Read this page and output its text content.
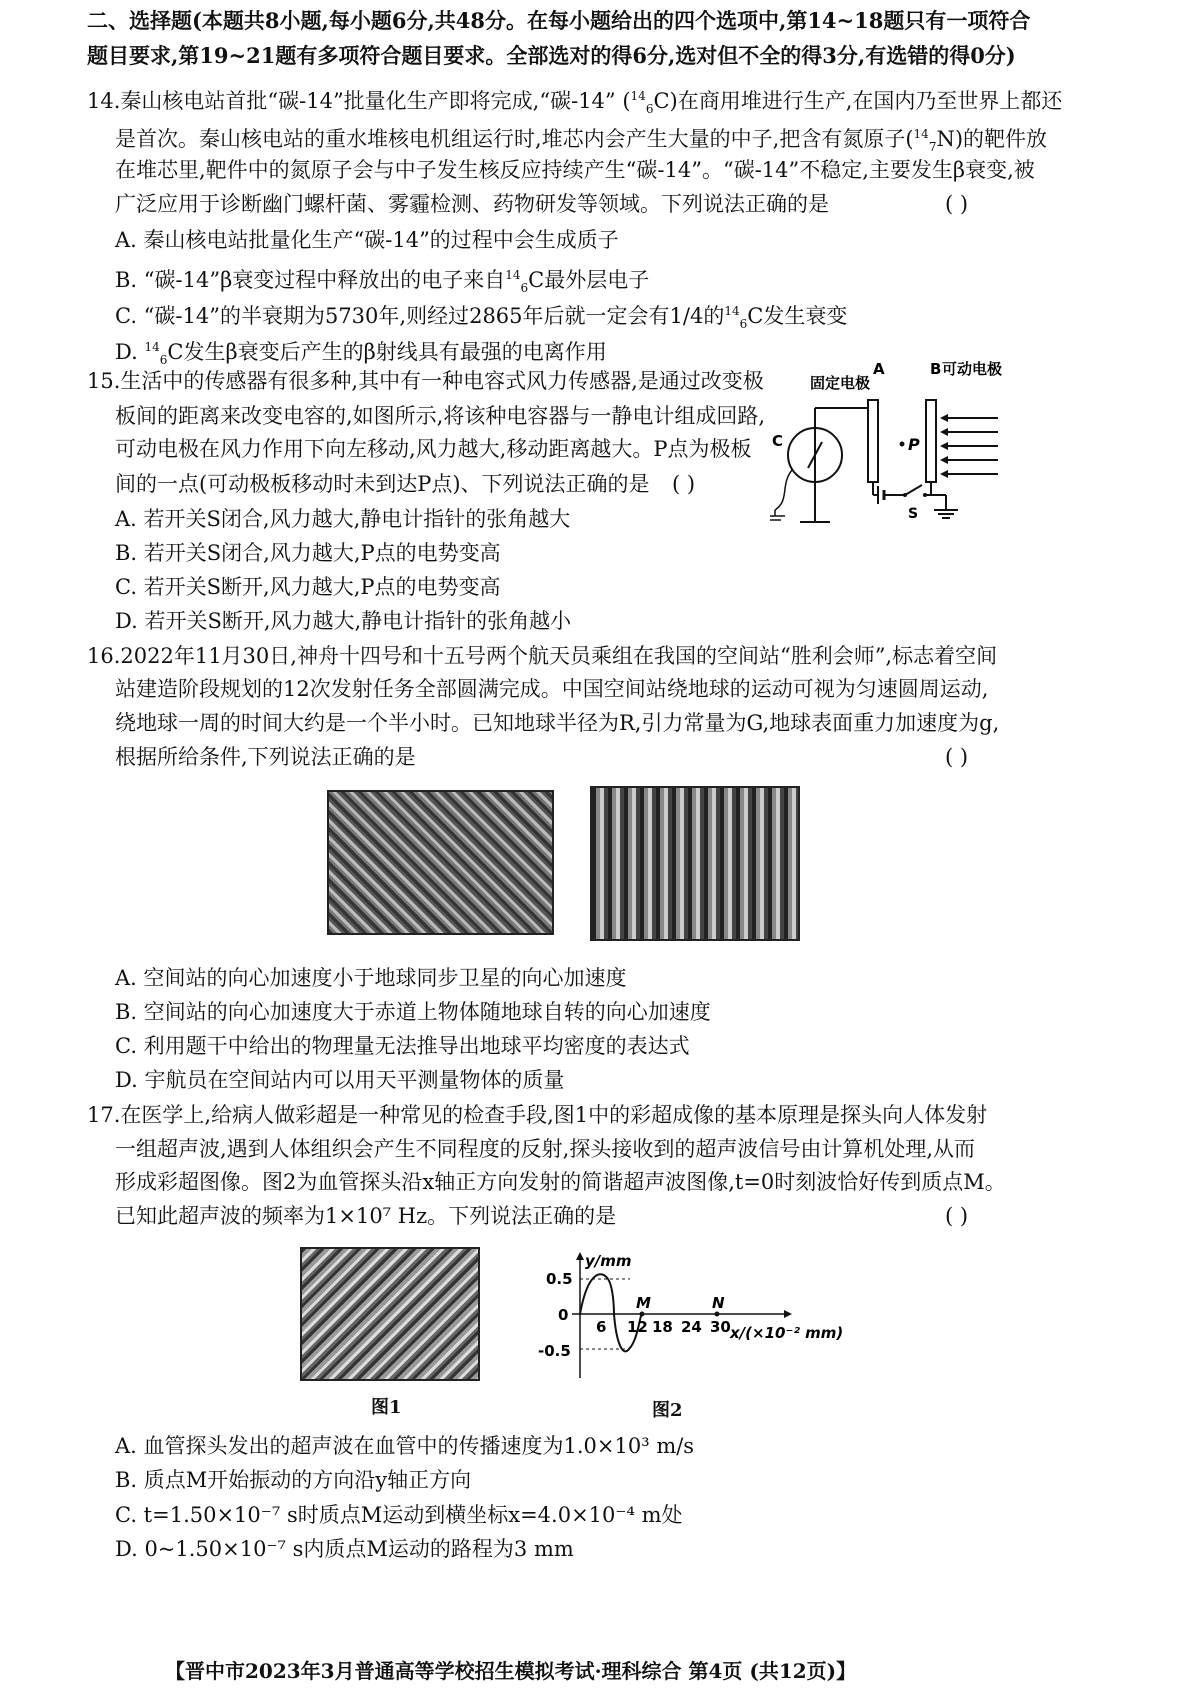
二、选择题(本题共8小题,每小题6分,共48分。在每小题给出的四个选项中,第14~18题只有一项符合
题目要求,第19~21题有多项符合题目要求。全部选对的得6分,选对但不全的得3分,有选错的得0分)
14.秦山核电站首批“碳-14”批量化生产即将完成,“碳-14” ($^{14}_6$C)在商用堆进行生产,在国内乃至世界上都还
是首次。秦山核电站的重水堆核电机组运行时,堆芯内会产生大量的中子,把含有氮原子($^{14}_7$N)的靶件放
在堆芯里,靶件中的氮原子会与中子发生核反应持续产生“碳-14”。“碳-14”不稳定,主要发生β衰变,被
广泛应用于诊断幽门螺杆菌、雾霾检测、药物研发等领域。下列说法正确的是	( )
A. 秦山核电站批量化生产“碳-14”的过程中会生成质子
B. “碳-14”β衰变过程中释放出的电子来自$^{14}_6$C最外层电子
C. “碳-14”的半衰期为5730年,则经过2865年后就一定会有1/4的$^{14}_6$C发生衰变
D. $^{14}_6$C发生β衰变后产生的β射线具有最强的电离作用
15.生活中的传感器有很多种,其中有一种电容式风力传感器,是通过改变极
板间的距离来改变电容的,如图所示,将该种电容器与一静电计组成回路,
可动电极在风力作用下向左移动,风力越大,移动距离越大。P点为极板
间的一点(可动极板移动时未到达P点)、下列说法正确的是 ( )
A. 若开关S闭合,风力越大,静电计指针的张角越大
B. 若开关S闭合,风力越大,P点的电势变高
C. 若开关S断开,风力越大,P点的电势变高
D. 若开关S断开,风力越大,静电计指针的张角越小
固定电极
A	B 可动电极
P
C
S
16.2022年11月30日,神舟十四号和十五号两个航天员乘组在我国的空间站“胜利会师”,标志着空间
站建造阶段规划的12次发射任务全部圆满完成。中国空间站绕地球的运动可视为匀速圆周运动,
绕地球一周的时间大约是一个半小时。已知地球半径为R,引力常量为G,地球表面重力加速度为g,
根据所给条件,下列说法正确的是	( )
A. 空间站的向心加速度小于地球同步卫星的向心加速度
B. 空间站的向心加速度大于赤道上物体随地球自转的向心加速度
C. 利用题干中给出的物理量无法推导出地球平均密度的表达式
D. 宇航员在空间站内可以用天平测量物体的质量
17.在医学上,给病人做彩超是一种常见的检查手段,图1中的彩超成像的基本原理是探头向人体发射
一组超声波,遇到人体组织会产生不同程度的反射,探头接收到的超声波信号由计算机处理,从而
形成彩超图像。图2为血管探头沿x轴正方向发射的简谐超声波图像,t=0时刻波恰好传到质点M。
已知此超声波的频率为1×10⁷ Hz。下列说法正确的是	( )
图1
y/mm
x/(×10⁻² mm)
0
0.5
-0.5
6 12 18 24 30
M	N
图2
A. 血管探头发出的超声波在血管中的传播速度为1.0×10³ m/s
B. 质点M开始振动的方向沿y轴正方向
C. t=1.50×10⁻⁷ s时质点M运动到横坐标x=4.0×10⁻⁴ m处
D. 0~1.50×10⁻⁷ s内质点M运动的路程为3 mm
【晋中市2023年3月普通高等学校招生模拟考试·理科综合 第4页 (共12页)】
